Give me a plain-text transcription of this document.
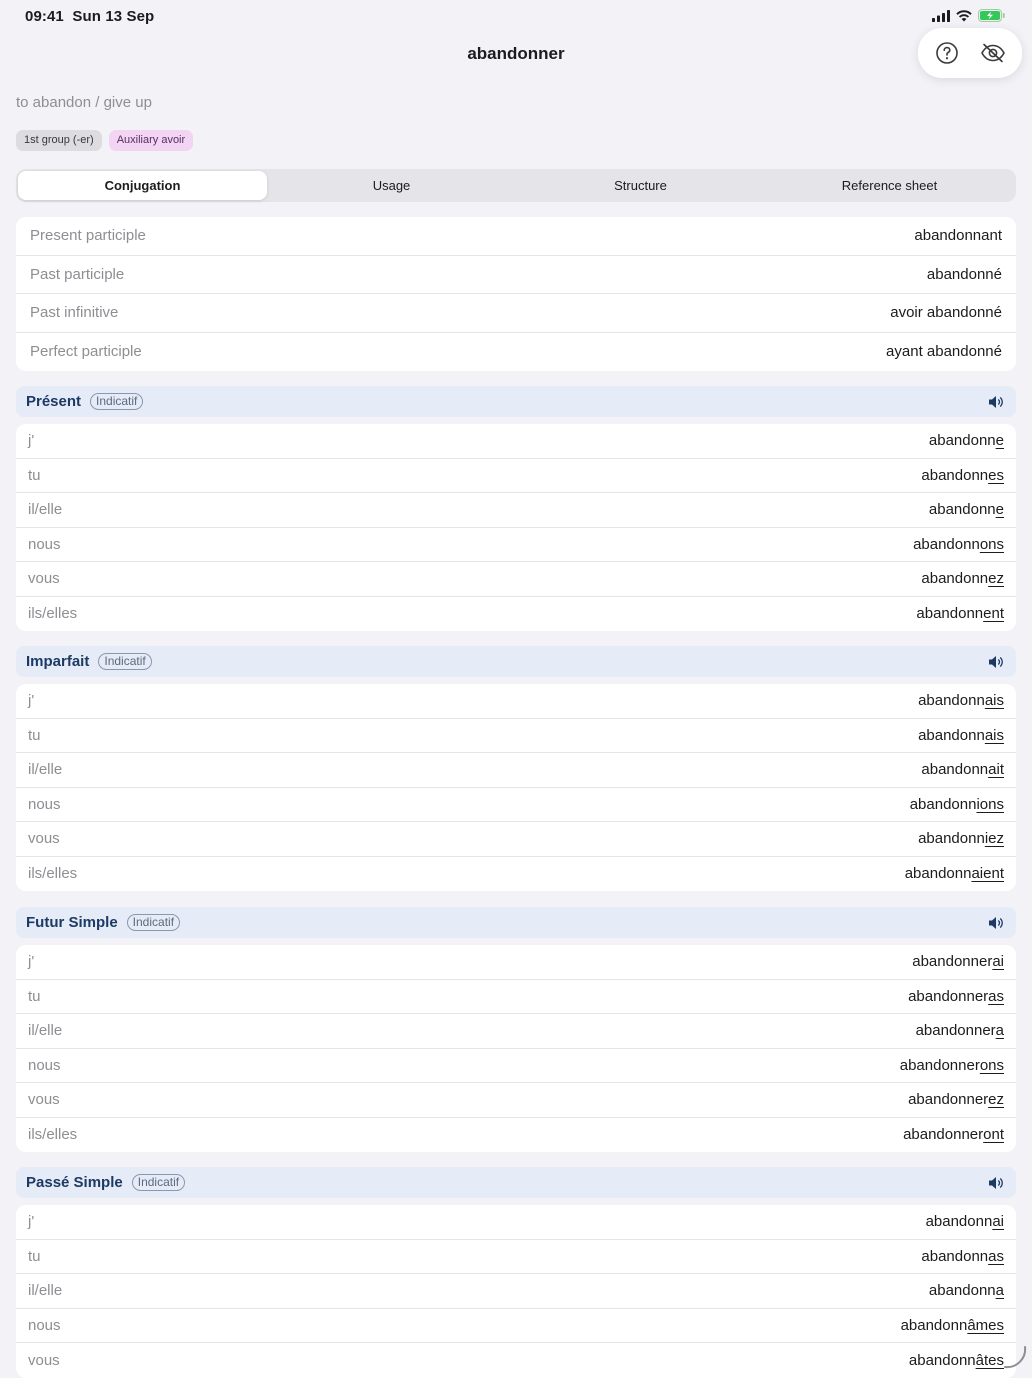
09:41 Sun 13 Sep
abandonner
to abandon / give up
1st group (-er)	Auxiliary avoir
Conjugation	Usage	Structure	Reference sheet
Present participle	abandonnant
Past participle	abandonné
Past infinitive	avoir abandonné
Perfect participle	ayant abandonné
Présent	Indicatif
j'	abandonne
tu	abandonnes
il/elle	abandonne
nous	abandonnons
vous	abandonnez
ils/elles	abandonnent
Imparfait	Indicatif
j'	abandonnais
tu	abandonnais
il/elle	abandonnait
nous	abandonnions
vous	abandonniez
ils/elles	abandonnaient
Futur Simple	Indicatif
j'	abandonnerai
tu	abandonneras
il/elle	abandonnera
nous	abandonnerons
vous	abandonnerez
ils/elles	abandonneront
Passé Simple	Indicatif
j'	abandonnai
tu	abandonnas
il/elle	abandonna
nous	abandonnâmes
vous	abandonnâtes
